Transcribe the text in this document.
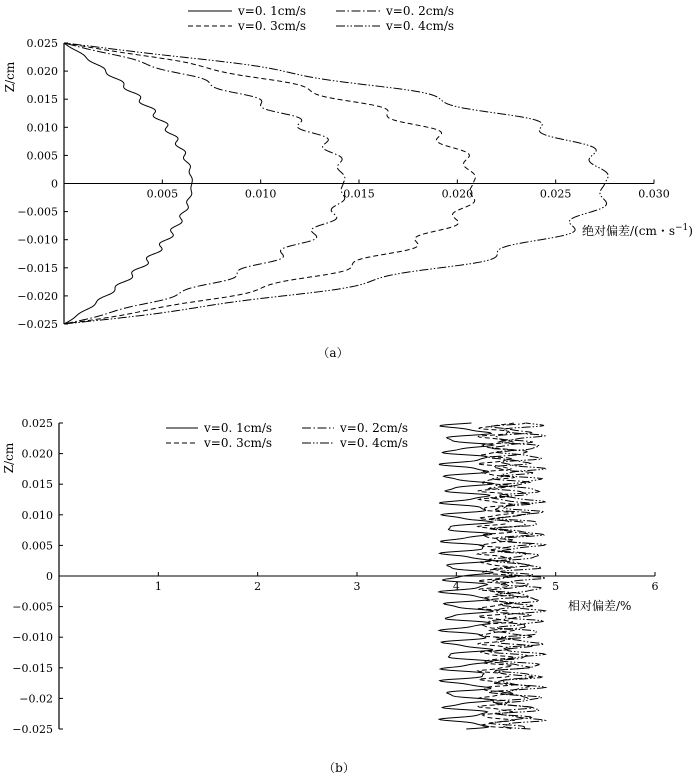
0.025
0.020
0.015
0.010
0.005
0
−0.005
−0.010
−0.015
−0.020
−0.025
0.005	0.010	0.015	0.020	0.025	0.030
Z/cm
绝对偏差/(cm・$s^{-1}$)
（a）
v=0. 1cm/s	v=0. 2cm/s
v=0. 3cm/s	v=0. 4cm/s
0.025
0.020
0.015
0.010
0.005
0
−0.005
−0.010
−0.015
−0.02
−0.025
1	2	3	4	5	6
Z/cm
相对偏差/%
（b）
v=0. 1cm/s	v=0. 2cm/s
v=0. 3cm/s	v=0. 4cm/s
